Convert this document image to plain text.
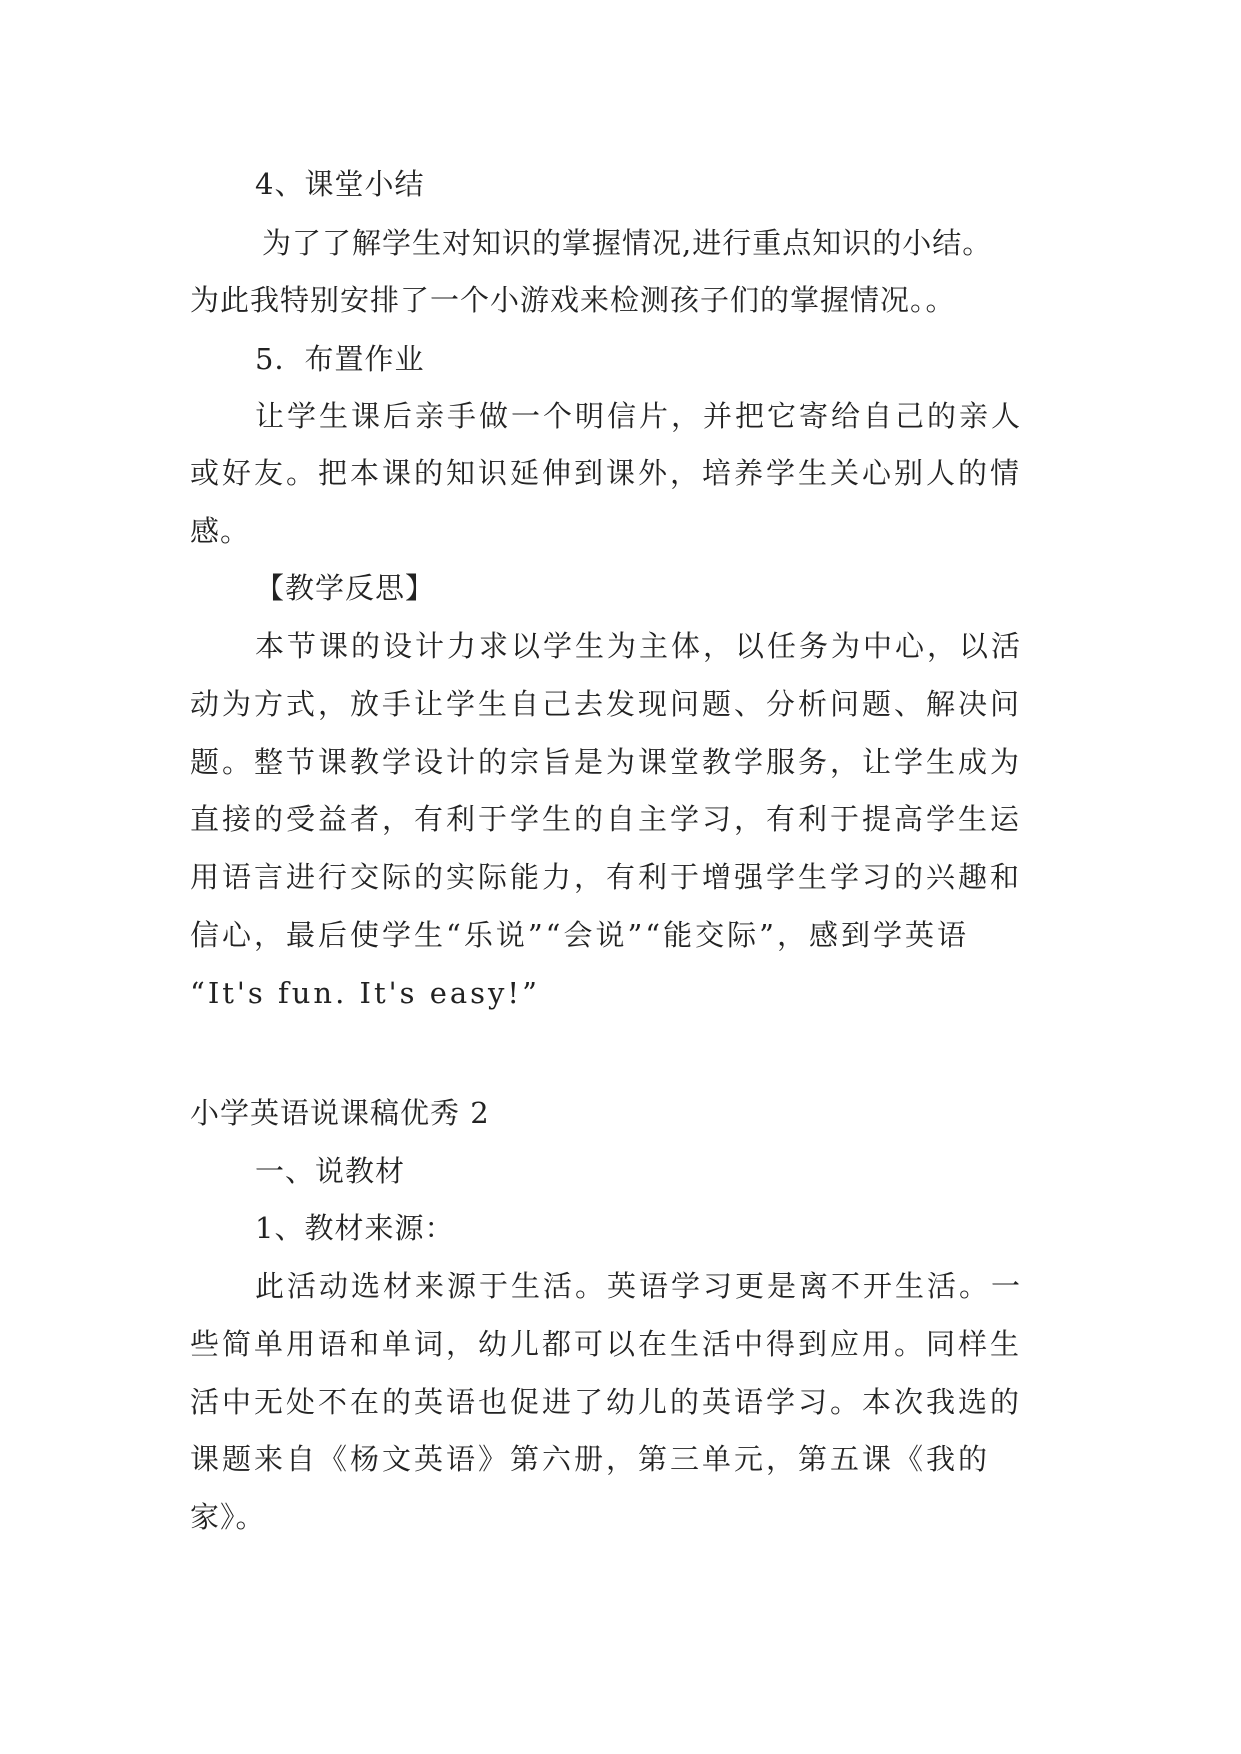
4、课堂小结
为了了解学生对知识的掌握情况,进行重点知识的小结。
为此我特别安排了一个小游戏来检测孩子们的掌握情况。。
5．布置作业
让学生课后亲手做一个明信片，并把它寄给自己的亲人
或好友。把本课的知识延伸到课外，培养学生关心别人的情
感。
【教学反思】
本节课的设计力求以学生为主体，以任务为中心，以活
动为方式，放手让学生自己去发现问题、分析问题、解决问
题。整节课教学设计的宗旨是为课堂教学服务，让学生成为
直接的受益者，有利于学生的自主学习，有利于提高学生运
用语言进行交际的实际能力，有利于增强学生学习的兴趣和
信心，最后使学生“乐说”“会说”“能交际”，感到学英语
“It's fun. It's easy!”
小学英语说课稿优秀 2
一、说教材
1、教材来源：
此活动选材来源于生活。英语学习更是离不开生活。一
些简单用语和单词，幼儿都可以在生活中得到应用。同样生
活中无处不在的英语也促进了幼儿的英语学习。本次我选的
课题来自《杨文英语》第六册，第三单元，第五课《我的
家》。
